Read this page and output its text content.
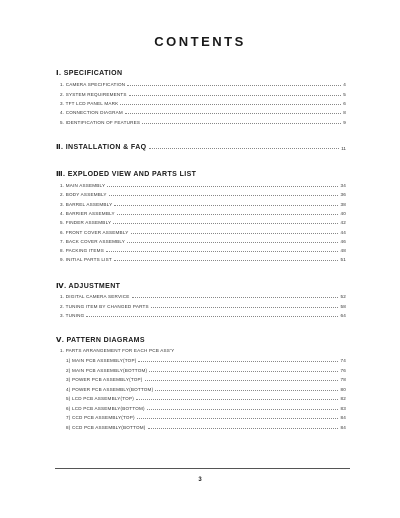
CONTENTS
Ⅰ. SPECIFICATION
1. CAMERA SPECIFICATION	4
2. SYSTEM REQUIREMENTS	5
3. TFT LCD PANEL MARK	6
4. CONNECTION DIAGRAM	8
5. IDENTIFICATION OF FEATURES	9
Ⅱ. INSTALLATION & FAQ	11
Ⅲ. EXPLODED VIEW AND PARTS LIST
1. MAIN ASSEMBLY	34
2. BODY ASSEMBLY	36
3. BARREL ASSEMBLY	38
4. BARRIER ASSEMBLY	40
5. FINDER ASSEMBLY	42
6. FRONT COVER ASSEMBLY	44
7. BACK COVER ASSEMBLY	46
8. PACKING ITEMS	48
9. INITIAL PARTS LIST	51
Ⅳ. ADJUSTMENT
1. DIGITAL CAMERA SERVICE	52
2. TUNING ITEM BY CHANGED PARTS	58
3. TUNING	64
Ⅴ. PATTERN DIAGRAMS
1. PARTS ARRANGEMENT FOR EACH PCB ASS'Y
1) MAIN PCB ASSEMBLY(TOP)	74
2) MAIN PCB ASSEMBLY(BOTTOM)	76
3) POWER PCB ASSEMBLY(TOP)	78
4) POWER PCB ASSEMBLY(BOTTOM)	80
5) LCD PCB ASSEMBLY(TOP)	82
6) LCD PCB ASSEMBLY(BOTTOM)	83
7) CCD PCB ASSEMBLY(TOP)	84
8) CCD PCB ASSEMBLY(BOTTOM)	84
3
